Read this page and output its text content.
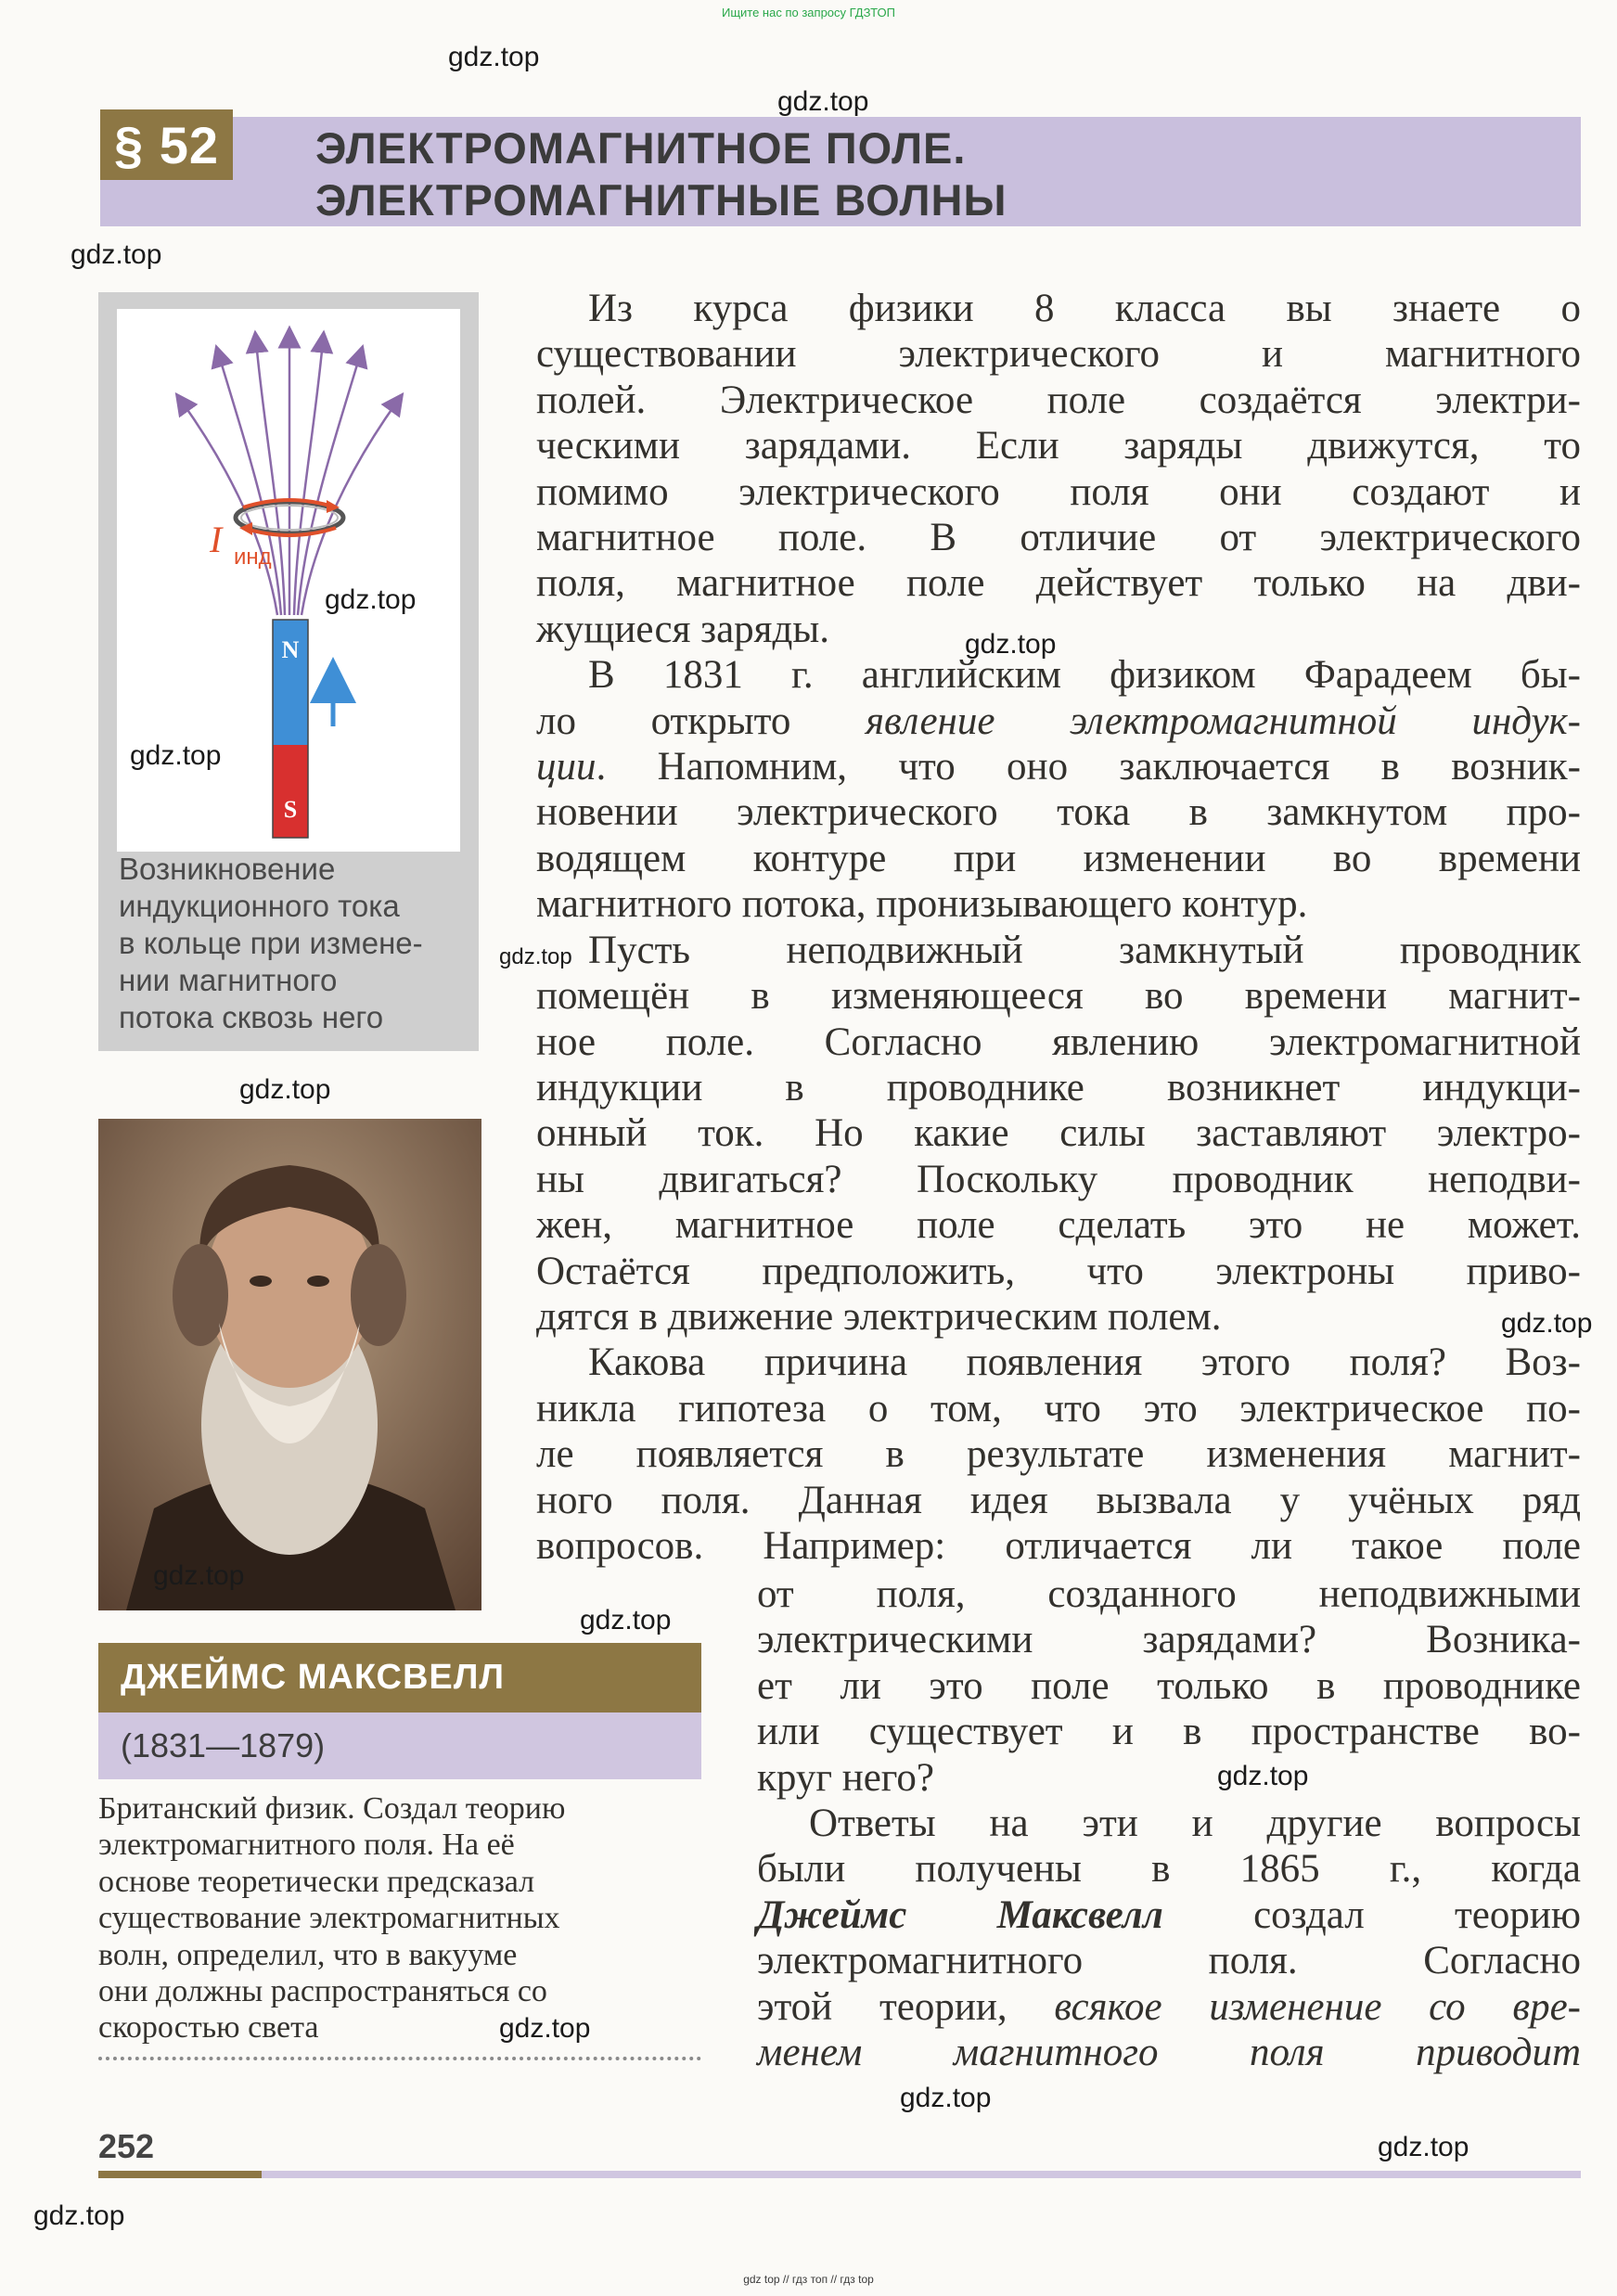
Ищите нас по запросу ГДЗТОП
§ 52	ЭЛЕКТРОМАГНИТНОЕ ПОЛЕ.
ЭЛЕКТРОМАГНИТНЫЕ ВОЛНЫ
I инд
N
S
Возникновение
индукционного тока
в кольце при измене-
нии магнитного
потока сквозь него
ДЖЕЙМС МАКСВЕЛЛ
(1831—1879)
Британский физик. Создал теорию
электромагнитного поля. На её
основе теоретически предсказал
существование электромагнитных
волн, определил, что в вакууме
они должны распространяться со
скоростью света
Из курса физики 8 класса вы знаете о
существовании электрического и магнитного
полей. Электрическое поле создаётся электри-
ческими зарядами. Если заряды движутся, то
помимо электрического поля они создают и
магнитное поле. В отличие от электрического
поля, магнитное поле действует только на дви-
жущиеся заряды.
В 1831 г. английским физиком Фарадеем бы-
ло открыто явление электромагнитной индук-
ции. Напомним, что оно заключается в возник-
новении электрического тока в замкнутом про-
водящем контуре при изменении во времени
магнитного потока, пронизывающего контур.
Пусть неподвижный замкнутый проводник
помещён в изменяющееся во времени магнит-
ное поле. Согласно явлению электромагнитной
индукции в проводнике возникнет индукци-
онный ток. Но какие силы заставляют электро-
ны двигаться? Поскольку проводник неподви-
жен, магнитное поле сделать это не может.
Остаётся предположить, что электроны приво-
дятся в движение электрическим полем.
Какова причина появления этого поля? Воз-
никла гипотеза о том, что это электрическое по-
ле появляется в результате изменения магнит-
ного поля. Данная идея вызвала у учёных ряд
вопросов. Например: отличается ли такое поле
от поля, созданного неподвижными
электрическими зарядами? Возника-
ет ли это поле только в проводнике
или существует и в пространстве во-
круг него?
Ответы на эти и другие вопросы
были получены в 1865 г., когда
Джеймс Максвелл создал теорию
электромагнитного поля. Согласно
этой теории, всякое изменение со вре-
менем магнитного поля приводит
252
gdz top // гдз топ // гдз top
gdz.top
gdz.top
gdz.top
gdz.top
gdz.top
gdz.top
gdz.top
gdz.top
gdz.top
gdz.top
gdz.top
gdz.top
gdz.top
gdz.top
gdz.top
gdz.top
